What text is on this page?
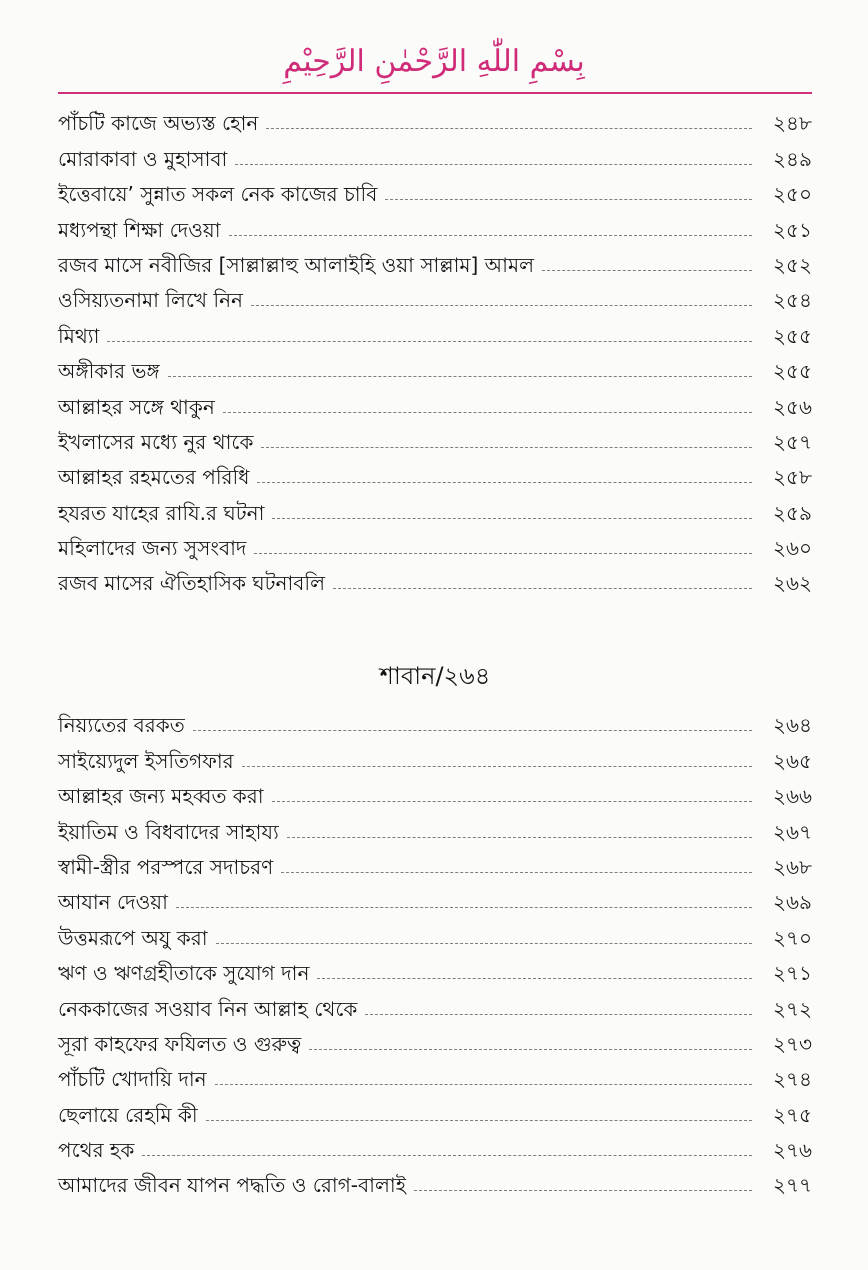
بِسْمِ اللّٰهِ الرَّحْمٰنِ الرَّحِيْمِ
পাঁচটি কাজে অভ্যস্ত হোন	২৪৮
মোরাকাবা ও মুহাসাবা	২৪৯
ইত্তেবায়ে’ সুন্নাত সকল নেক কাজের চাবি	২৫০
মধ্যপন্থা শিক্ষা দেওয়া	২৫১
রজব মাসে নবীজির [সাল্লাল্লাহু আলাইহি ওয়া সাল্লাম] আমল	২৫২
ওসিয়্যতনামা লিখে নিন	২৫৪
মিথ্যা	২৫৫
অঙ্গীকার ভঙ্গ	২৫৫
আল্লাহর সঙ্গে থাকুন	২৫৬
ইখলাসের মধ্যে নুর থাকে	২৫৭
আল্লাহর রহমতের পরিধি	২৫৮
হযরত যাহের রাযি.র ঘটনা	২৫৯
মহিলাদের জন্য সুসংবাদ	২৬০
রজব মাসের ঐতিহাসিক ঘটনাবলি	২৬২
শাবান/২৬৪
নিয়্যতের বরকত	২৬৪
সাইয়্যেদুল ইসতিগফার	২৬৫
আল্লাহর জন্য মহব্বত করা	২৬৬
ইয়াতিম ও বিধবাদের সাহায্য	২৬৭
স্বামী-স্ত্রীর পরস্পরে সদাচরণ	২৬৮
আযান দেওয়া	২৬৯
উত্তমরূপে অযু করা	২৭০
ঋণ ও ঋণগ্রহীতাকে সুযোগ দান	২৭১
নেককাজের সওয়াব নিন আল্লাহ থেকে	২৭২
সূরা কাহফের ফযিলত ও গুরুত্ব	২৭৩
পাঁচটি খোদায়ি দান	২৭৪
ছেলায়ে রেহমি কী	২৭৫
পথের হক	২৭৬
আমাদের জীবন যাপন পদ্ধতি ও রোগ-বালাই	২৭৭
